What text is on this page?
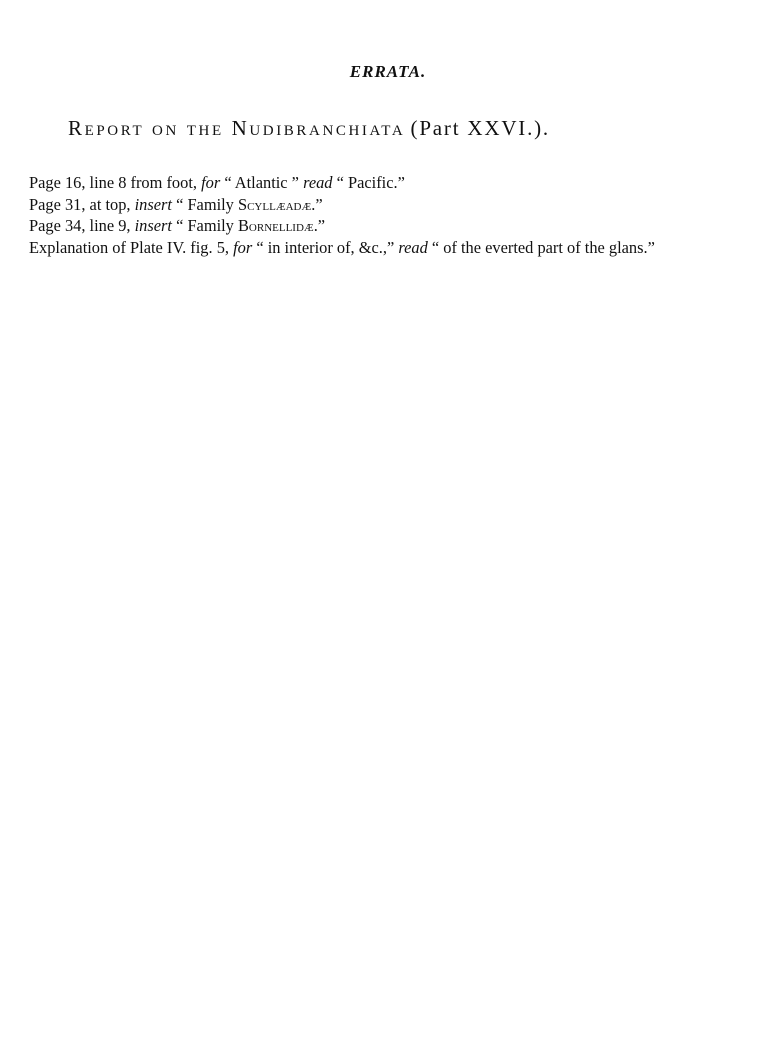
ERRATA.
Report on the Nudibranchiata (Part XXVI.).
Page 16, line 8 from foot, for “ Atlantic ” read “ Pacific.”
Page 31, at top, insert “ Family Scyllæadæ.”
Page 34, line 9, insert “ Family Bornellidæ.”
Explanation of Plate IV. fig. 5, for “ in interior of, &c.,” read “ of the everted part of the glans.”
